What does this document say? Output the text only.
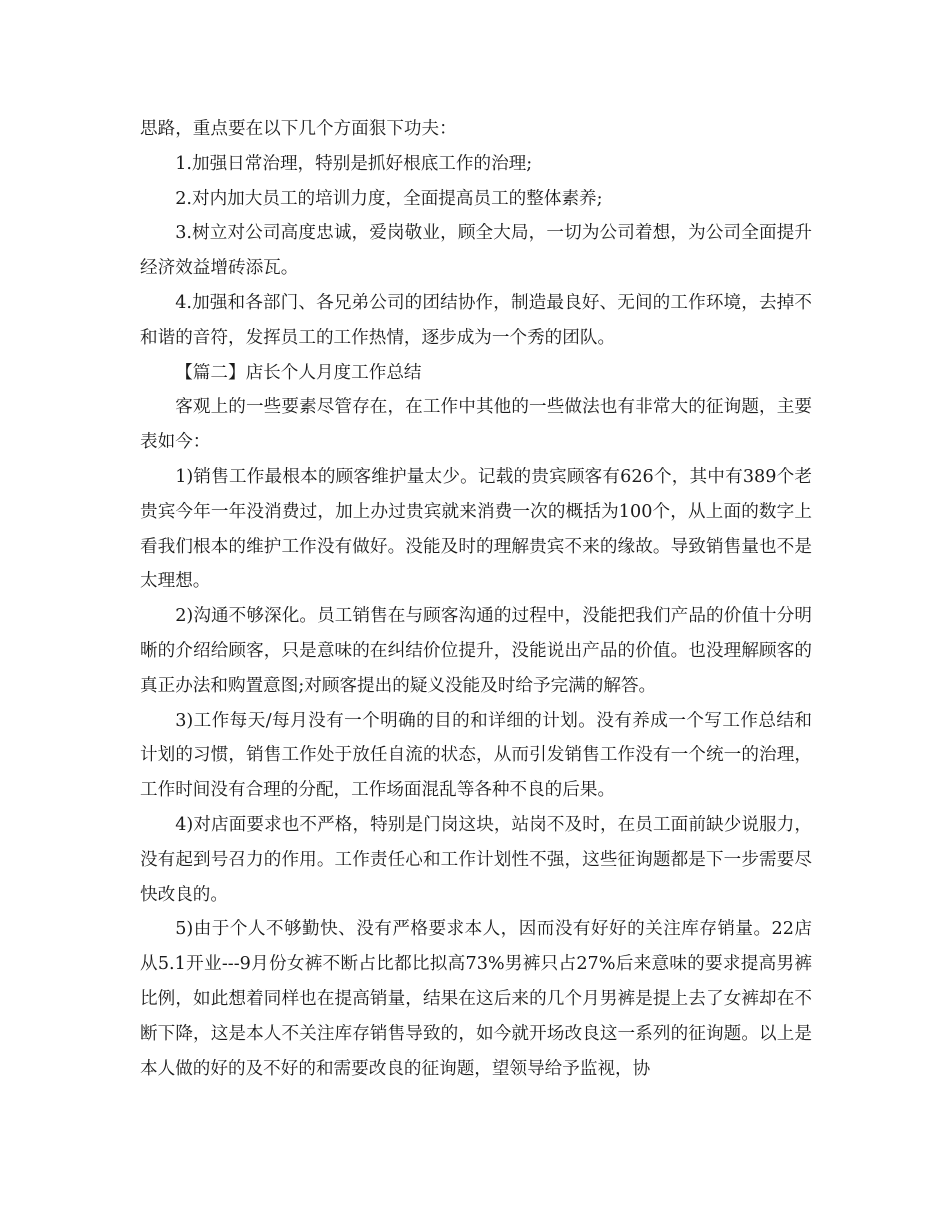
思路，重点要在以下几个方面狠下功夫：

1.加强日常治理，特别是抓好根底工作的治理;

2.对内加大员工的培训力度，全面提高员工的整体素养;

3.树立对公司高度忠诚，爱岗敬业，顾全大局，一切为公司着想，为公司全面提升经济效益增砖添瓦。

4.加强和各部门、各兄弟公司的团结协作，制造最良好、无间的工作环境，去掉不和谐的音符，发挥员工的工作热情，逐步成为一个秀的团队。

【篇二】店长个人月度工作总结

客观上的一些要素尽管存在，在工作中其他的一些做法也有非常大的征询题，主要表如今：

1)销售工作最根本的顾客维护量太少。记载的贵宾顾客有626个，其中有389个老贵宾今年一年没消费过，加上办过贵宾就来消费一次的概括为100个，从上面的数字上看我们根本的维护工作没有做好。没能及时的理解贵宾不来的缘故。导致销售量也不是太理想。

2)沟通不够深化。员工销售在与顾客沟通的过程中，没能把我们产品的价值十分明晰的介绍给顾客，只是意味的在纠结价位提升，没能说出产品的价值。也没理解顾客的真正办法和购置意图;对顾客提出的疑义没能及时给予完满的解答。

3)工作每天/每月没有一个明确的目的和详细的计划。没有养成一个写工作总结和计划的习惯，销售工作处于放任自流的状态，从而引发销售工作没有一个统一的治理，工作时间没有合理的分配，工作场面混乱等各种不良的后果。

4)对店面要求也不严格，特别是门岗这块，站岗不及时，在员工面前缺少说服力，没有起到号召力的作用。工作责任心和工作计划性不强，这些征询题都是下一步需要尽快改良的。

5)由于个人不够勤快、没有严格要求本人，因而没有好好的关注库存销量。22店从5.1开业---9月份女裤不断占比都比拟高73%男裤只占27%后来意味的要求提高男裤比例，如此想着同样也在提高销量，结果在这后来的几个月男裤是提上去了女裤却在不断下降，这是本人不关注库存销售导致的，如今就开场改良这一系列的征询题。以上是本人做的好的及不好的和需要改良的征询题，望领导给予监视，协
